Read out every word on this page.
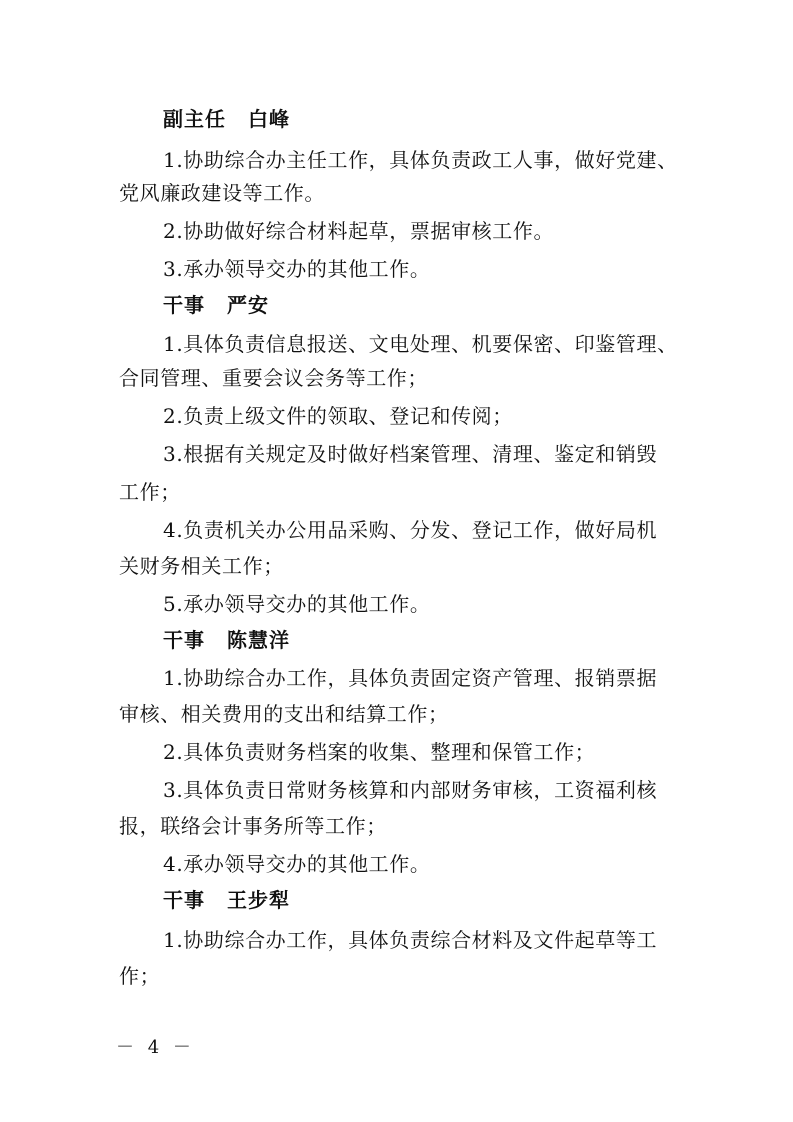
副主任 白峰
1.协助综合办主任工作，具体负责政工人事，做好党建、
党风廉政建设等工作。
2.协助做好综合材料起草，票据审核工作。
3.承办领导交办的其他工作。
干事 严安
1.具体负责信息报送、文电处理、机要保密、印鉴管理、
合同管理、重要会议会务等工作；
2.负责上级文件的领取、登记和传阅；
3.根据有关规定及时做好档案管理、清理、鉴定和销毁
工作；
4.负责机关办公用品采购、分发、登记工作，做好局机
关财务相关工作；
5.承办领导交办的其他工作。
干事 陈慧洋
1.协助综合办工作，具体负责固定资产管理、报销票据
审核、相关费用的支出和结算工作；
2.具体负责财务档案的收集、整理和保管工作；
3.具体负责日常财务核算和内部财务审核，工资福利核
报，联络会计事务所等工作；
4.承办领导交办的其他工作。
干事 王步犁
1.协助综合办工作，具体负责综合材料及文件起草等工
作；
－ 4 －
